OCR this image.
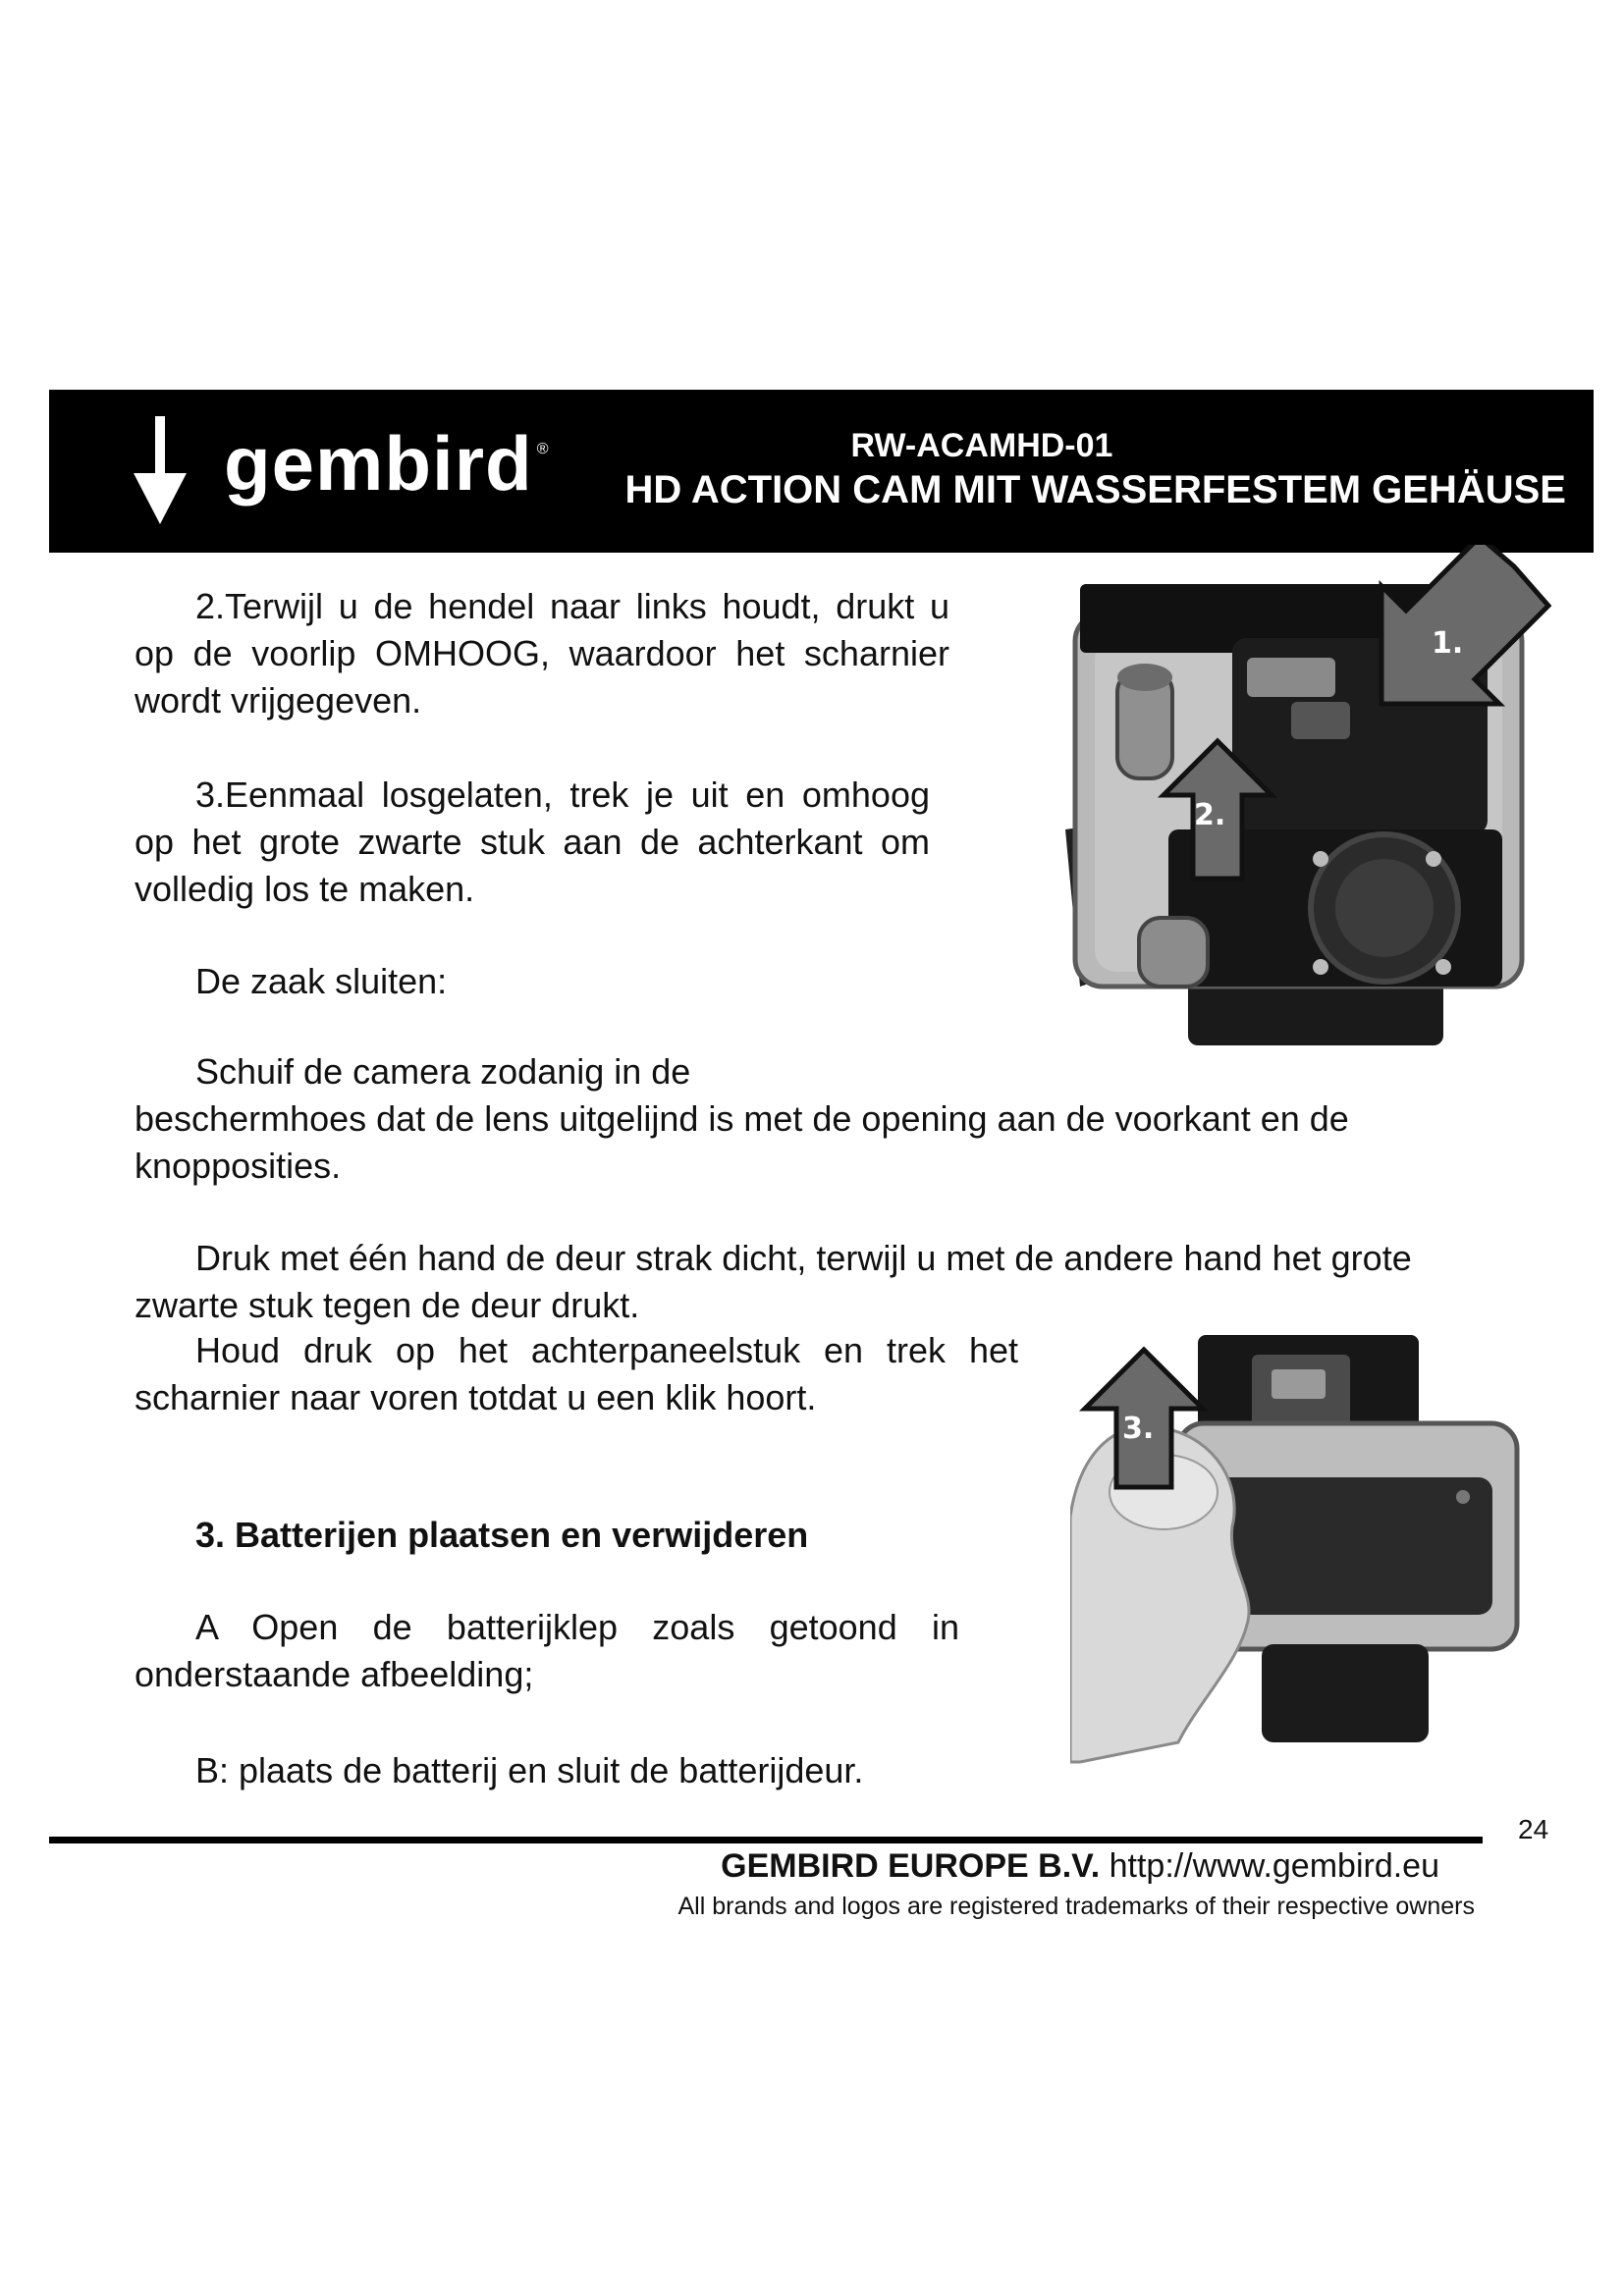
gembird ®	RW-ACAMHD-01
HD ACTION CAM MIT WASSERFESTEM GEHÄUSE

2.Terwijl u de hendel naar links houdt, drukt u op de voorlip OMHOOG, waardoor het scharnier wordt vrijgegeven.

3.Eenmaal losgelaten, trek je uit en omhoog op het grote zwarte stuk aan de achterkant om volledig los te maken.

De zaak sluiten:

Schuif de camera zodanig in de

beschermhoes dat de lens uitgelijnd is met de opening aan de voorkant en de knopposities.

Druk met één hand de deur strak dicht, terwijl u met de andere hand het grote zwarte stuk tegen de deur drukt.

Houd druk op het achterpaneelstuk en trek het scharnier naar voren totdat u een klik hoort.

3. Batterijen plaatsen en verwijderen

A Open de batterijklep zoals getoond in onderstaande afbeelding;

B: plaats de batterij en sluit de batterijdeur.

1.
2.
3.
24
GEMBIRD EUROPE B.V. http://www.gembird.eu
All brands and logos are registered trademarks of their respective owners
